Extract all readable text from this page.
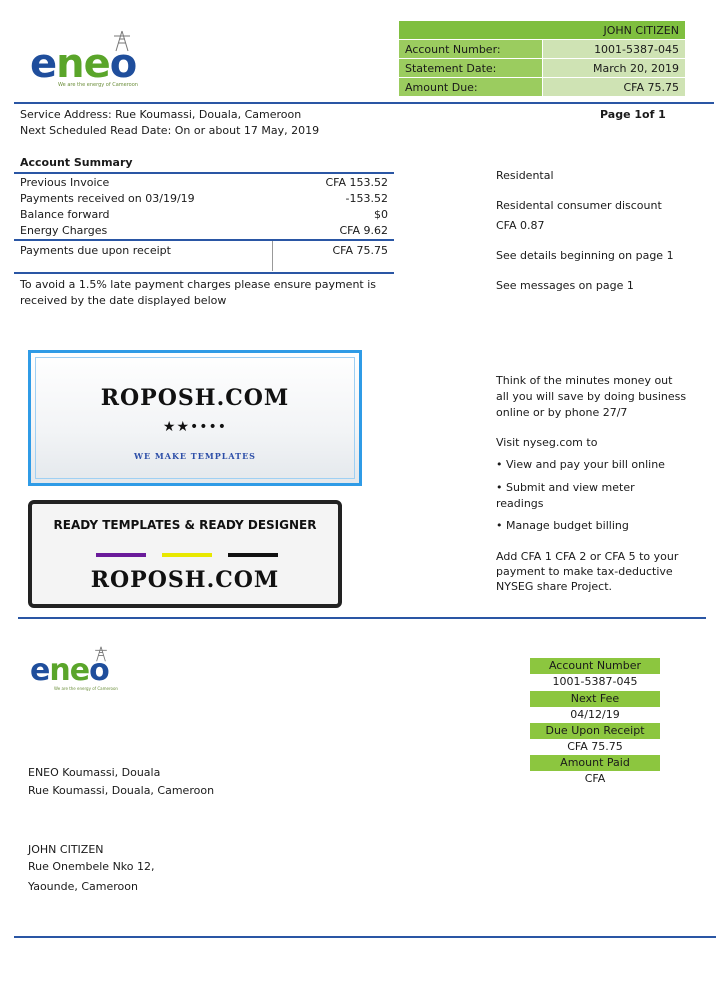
eneo
We are the energy of Cameroon
JOHN CITIZEN	
Account Number:	1001-5387-045
Statement Date:	March 20, 2019
Amount Due:	CFA 75.75
Service Address: Rue Koumassi, Douala, Cameroon
Next Scheduled Read Date: On or about 17 May, 2019
Page 1of 1
Account Summary
Previous Invoice	CFA 153.52
Payments received on 03/19/19	-153.52
Balance forward	$0
Energy Charges	CFA 9.62
Payments due upon receipt	CFA 75.75
To avoid a 1.5% late payment charges please ensure payment is
received by the date displayed below
Residental
Residental consumer discount
CFA 0.87
See details beginning on page 1
See messages on page 1
ROPOSH.COM
★★••••
WE MAKE TEMPLATES
READY TEMPLATES & READY DESIGNER
ROPOSH.COM
Think of the minutes money out
all you will save by doing business
online or by phone 27/7
Visit nyseg.com to
• View and pay your bill online
• Submit and view meter
readings
• Manage budget billing
Add CFA 1 CFA 2 or CFA 5 to your
payment to make tax-deductive
NYSEG share Project.
eneo
We are the energy of Cameroon
Account Number
1001-5387-045
Next Fee
04/12/19
Due Upon Receipt
CFA 75.75
Amount Paid
CFA
ENEO Koumassi, Douala
Rue Koumassi, Douala, Cameroon
JOHN CITIZEN
Rue Onembele Nko 12,
Yaounde, Cameroon
